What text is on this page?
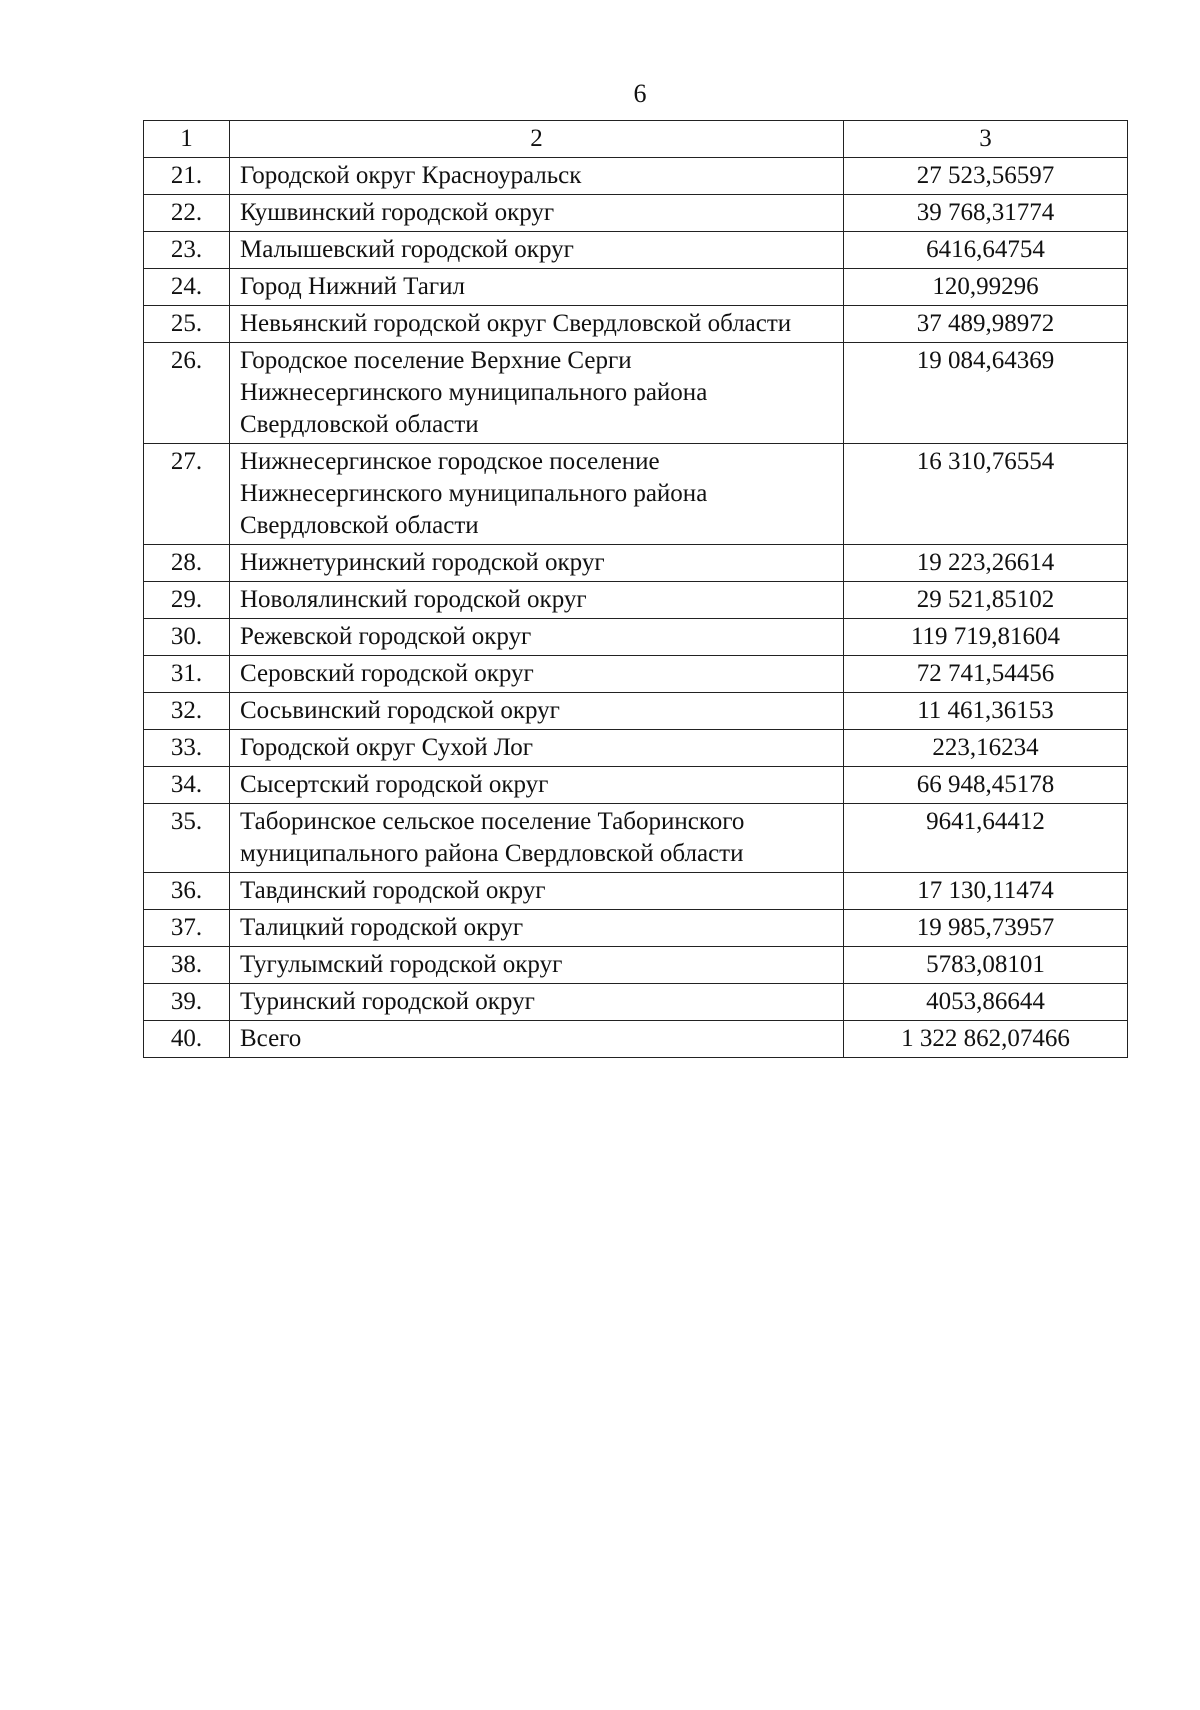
6
1	2	3
21.	Городской округ Красноуральск	27 523,56597
22.	Кушвинский городской округ	39 768,31774
23.	Малышевский городской округ	6416,64754
24.	Город Нижний Тагил	120,99296
25.	Невьянский городской округ Свердловской области	37 489,98972
26.	Городское поселение Верхние Серги Нижнесергинского муниципального района Свердловской области	19 084,64369
27.	Нижнесергинское городское поселение Нижнесергинского муниципального района Свердловской области	16 310,76554
28.	Нижнетуринский городской округ	19 223,26614
29.	Новолялинский городской округ	29 521,85102
30.	Режевской городской округ	119 719,81604
31.	Серовский городской округ	72 741,54456
32.	Сосьвинский городской округ	11 461,36153
33.	Городской округ Сухой Лог	223,16234
34.	Сысертский городской округ	66 948,45178
35.	Таборинское сельское поселение Таборинского муниципального района Свердловской области	9641,64412
36.	Тавдинский городской округ	17 130,11474
37.	Талицкий городской округ	19 985,73957
38.	Тугулымский городской округ	5783,08101
39.	Туринский городской округ	4053,86644
40.	Всего	1 322 862,07466
